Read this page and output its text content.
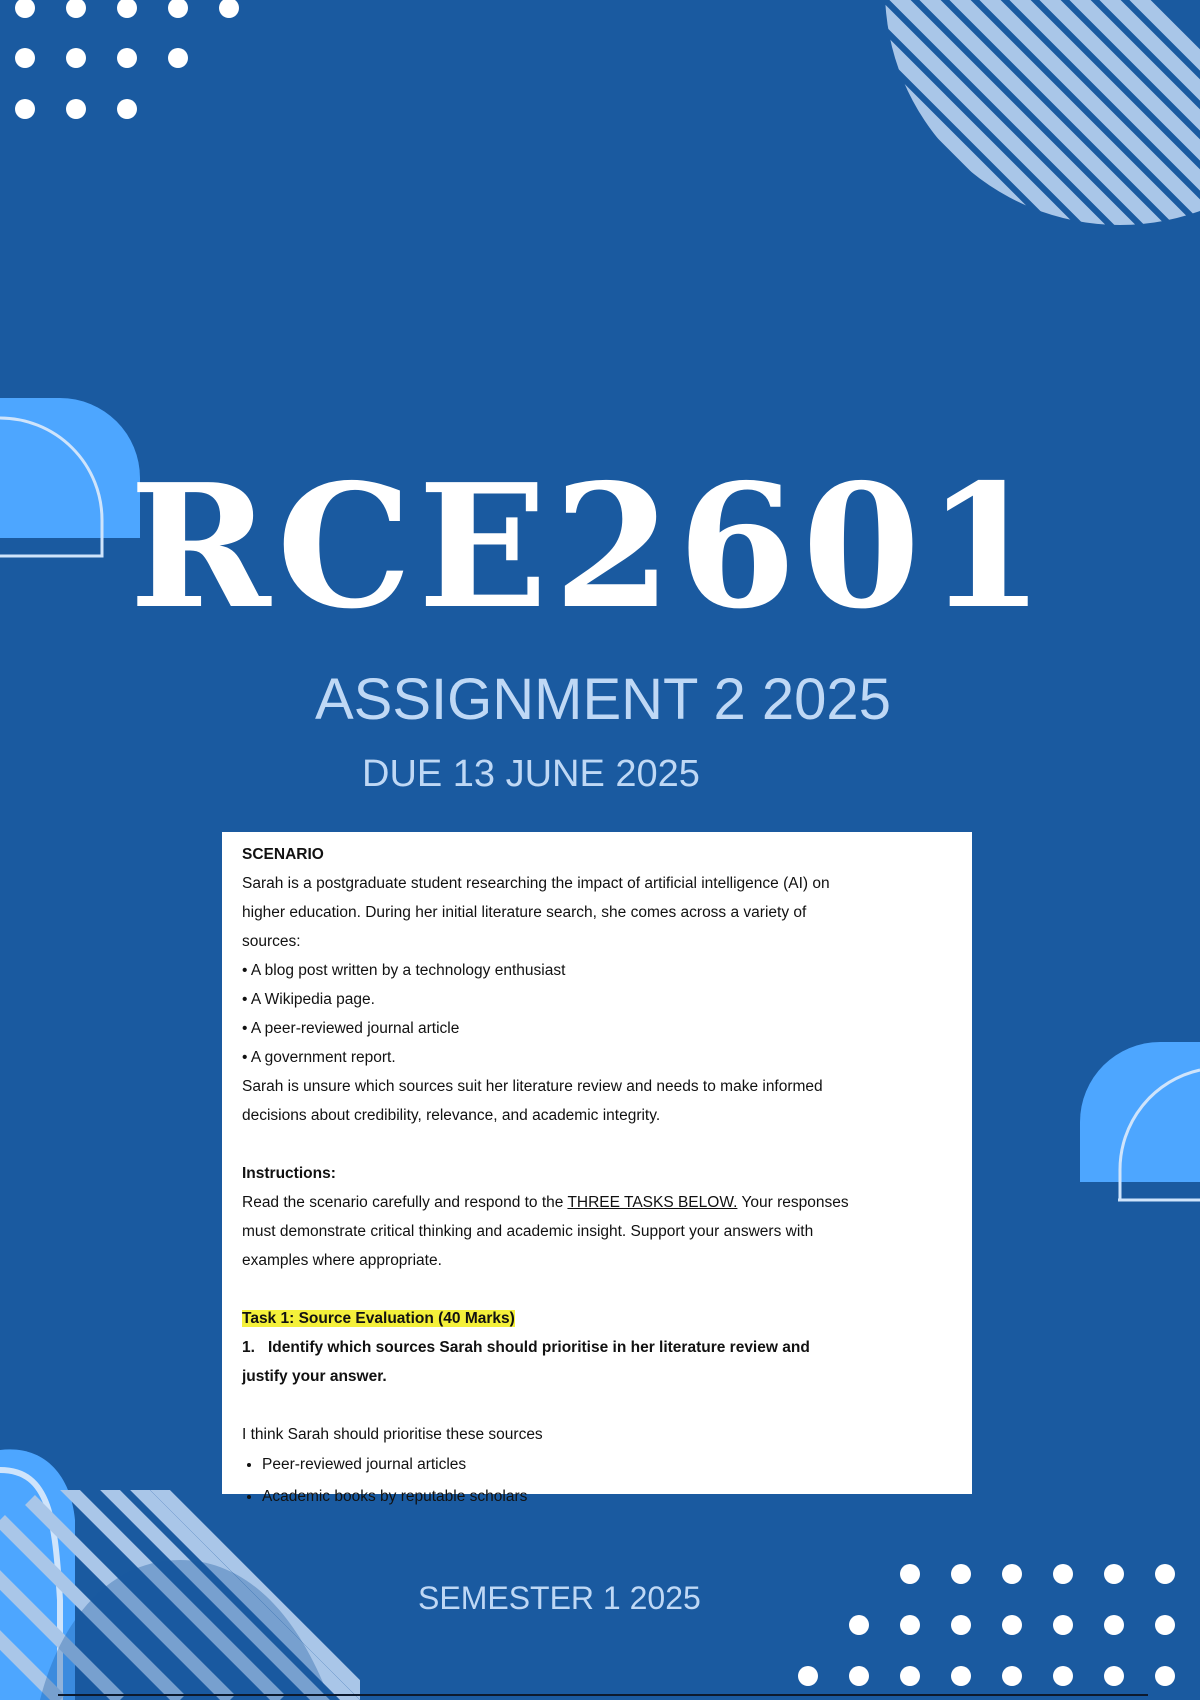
RCE2601
ASSIGNMENT 2 2025
DUE 13 JUNE 2025

SCENARIO

Sarah is a postgraduate student researching the impact of artificial intelligence (AI) on

higher education. During her initial literature search, she comes across a variety of

sources:

• A blog post written by a technology enthusiast

• A Wikipedia page.

• A peer-reviewed journal article

• A government report.

Sarah is unsure which sources suit her literature review and needs to make informed

decisions about credibility, relevance, and academic integrity.

Instructions:

Read the scenario carefully and respond to the THREE TASKS BELOW. Your responses

must demonstrate critical thinking and academic insight. Support your answers with

examples where appropriate.

Task 1: Source Evaluation (40 Marks)

1. Identify which sources Sarah should prioritise in her literature review and

justify your answer.

I think Sarah should prioritise these sources

• Peer-reviewed journal articles
• Academic books by reputable scholars
SEMESTER 1 2025
